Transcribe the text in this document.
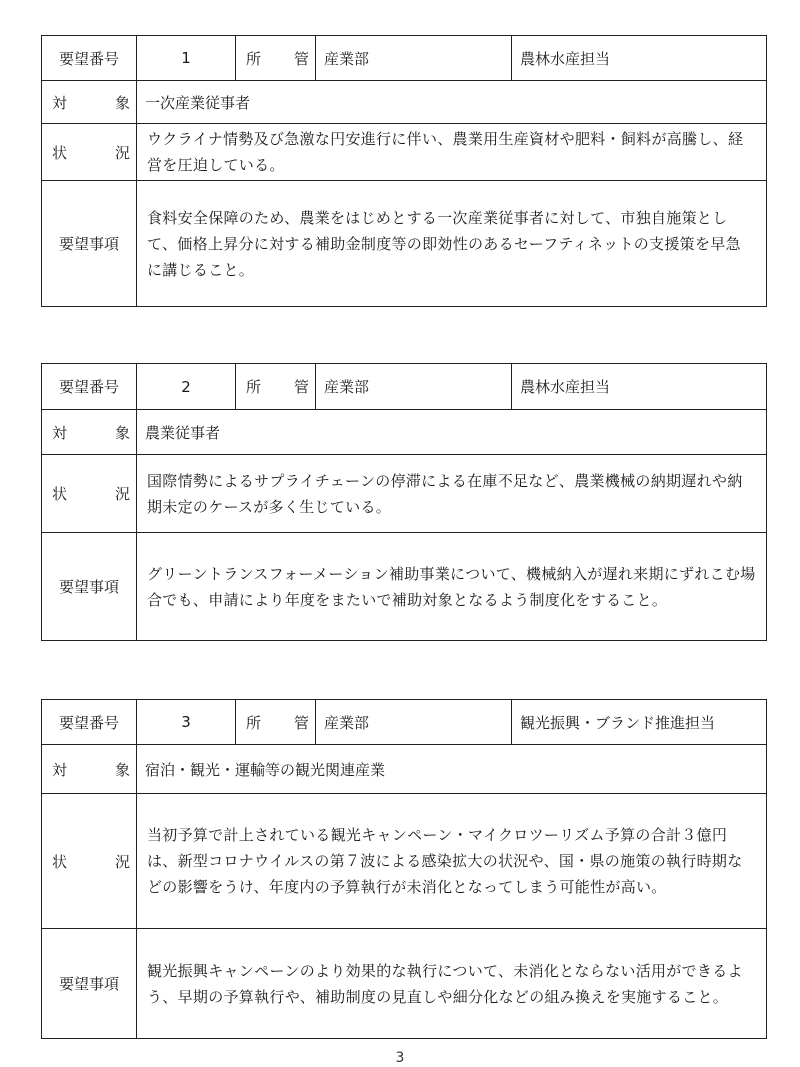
要望番号	1	所 管	産業部	農林水産担当

対 象	一次産業従事者			

状 況	ウクライナ情勢及び急激な円安進行に伴い、農業用生産資材や肥料・飼料が高騰し、経営を圧迫している。			
要望事項	食料安全保障のため、農業をはじめとする一次産業従事者に対して、市独自施策として、価格上昇分に対する補助金制度等の即効性のあるセーフティネットの支援策を早急に講じること。			
要望番号	2	所 管	産業部	農林水産担当

対 象	農業従事者			

状 況	国際情勢によるサプライチェーンの停滞による在庫不足など、農業機械の納期遅れや納期未定のケースが多く生じている。			
要望事項	グリーントランスフォーメーション補助事業について、機械納入が遅れ来期にずれこむ場合でも、申請により年度をまたいで補助対象となるよう制度化をすること。			
要望番号	3	所 管	産業部	観光振興・ブランド推進担当

対 象	宿泊・観光・運輸等の観光関連産業			

状 況	当初予算で計上されている観光キャンペーン・マイクロツーリズム予算の合計３億円は、新型コロナウイルスの第７波による感染拡大の状況や、国・県の施策の執行時期などの影響をうけ、年度内の予算執行が未消化となってしまう可能性が高い。			
要望事項	観光振興キャンペーンのより効果的な執行について、未消化とならない活用ができるよう、早期の予算執行や、補助制度の見直しや細分化などの組み換えを実施すること。			
3
